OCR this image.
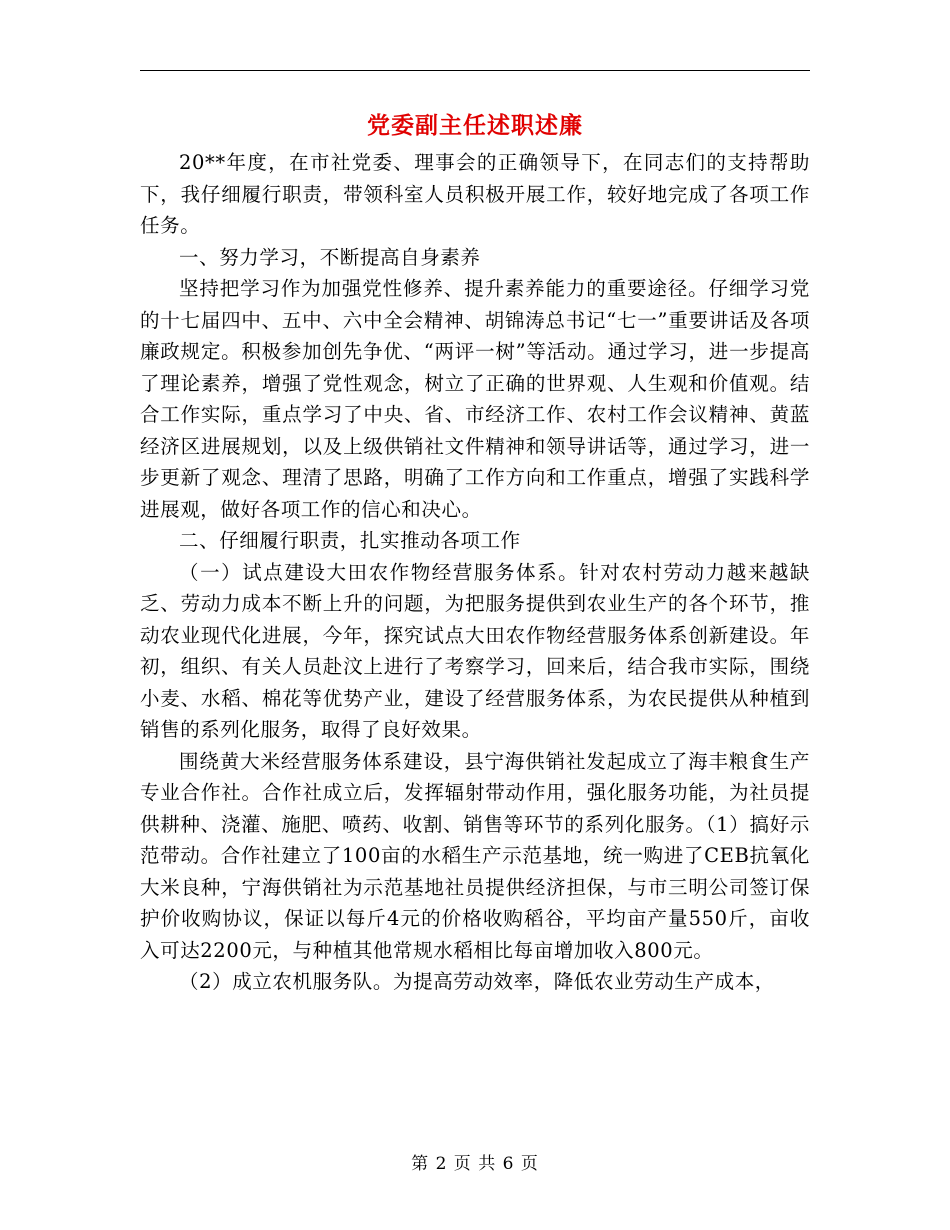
党委副主任述职述廉

20**年度，在市社党委、理事会的正确领导下，在同志们的支持帮助下，我仔细履行职责，带领科室人员积极开展工作，较好地完成了各项工作任务。

一、努力学习，不断提高自身素养

坚持把学习作为加强党性修养、提升素养能力的重要途径。仔细学习党的十七届四中、五中、六中全会精神、胡锦涛总书记“七一”重要讲话及各项廉政规定。积极参加创先争优、“两评一树”等活动。通过学习，进一步提高了理论素养，增强了党性观念，树立了正确的世界观、人生观和价值观。结合工作实际，重点学习了中央、省、市经济工作、农村工作会议精神、黄蓝经济区进展规划，以及上级供销社文件精神和领导讲话等，通过学习，进一步更新了观念、理清了思路，明确了工作方向和工作重点，增强了实践科学进展观，做好各项工作的信心和决心。

二、仔细履行职责，扎实推动各项工作

（一）试点建设大田农作物经营服务体系。针对农村劳动力越来越缺乏、劳动力成本不断上升的问题，为把服务提供到农业生产的各个环节，推动农业现代化进展，今年，探究试点大田农作物经营服务体系创新建设。年初，组织、有关人员赴汶上进行了考察学习，回来后，结合我市实际，围绕小麦、水稻、棉花等优势产业，建设了经营服务体系，为农民提供从种植到销售的系列化服务，取得了良好效果。

围绕黄大米经营服务体系建设，县宁海供销社发起成立了海丰粮食生产专业合作社。合作社成立后，发挥辐射带动作用，强化服务功能，为社员提供耕种、浇灌、施肥、喷药、收割、销售等环节的系列化服务。（1）搞好示范带动。合作社建立了100亩的水稻生产示范基地，统一购进了CEB抗氧化大米良种，宁海供销社为示范基地社员提供经济担保，与市三明公司签订保护价收购协议，保证以每斤4元的价格收购稻谷，平均亩产量550斤，亩收入可达2200元，与种植其他常规水稻相比每亩增加收入800元。

（2）成立农机服务队。为提高劳动效率，降低农业劳动生产成本，

第 2 页 共 6 页
